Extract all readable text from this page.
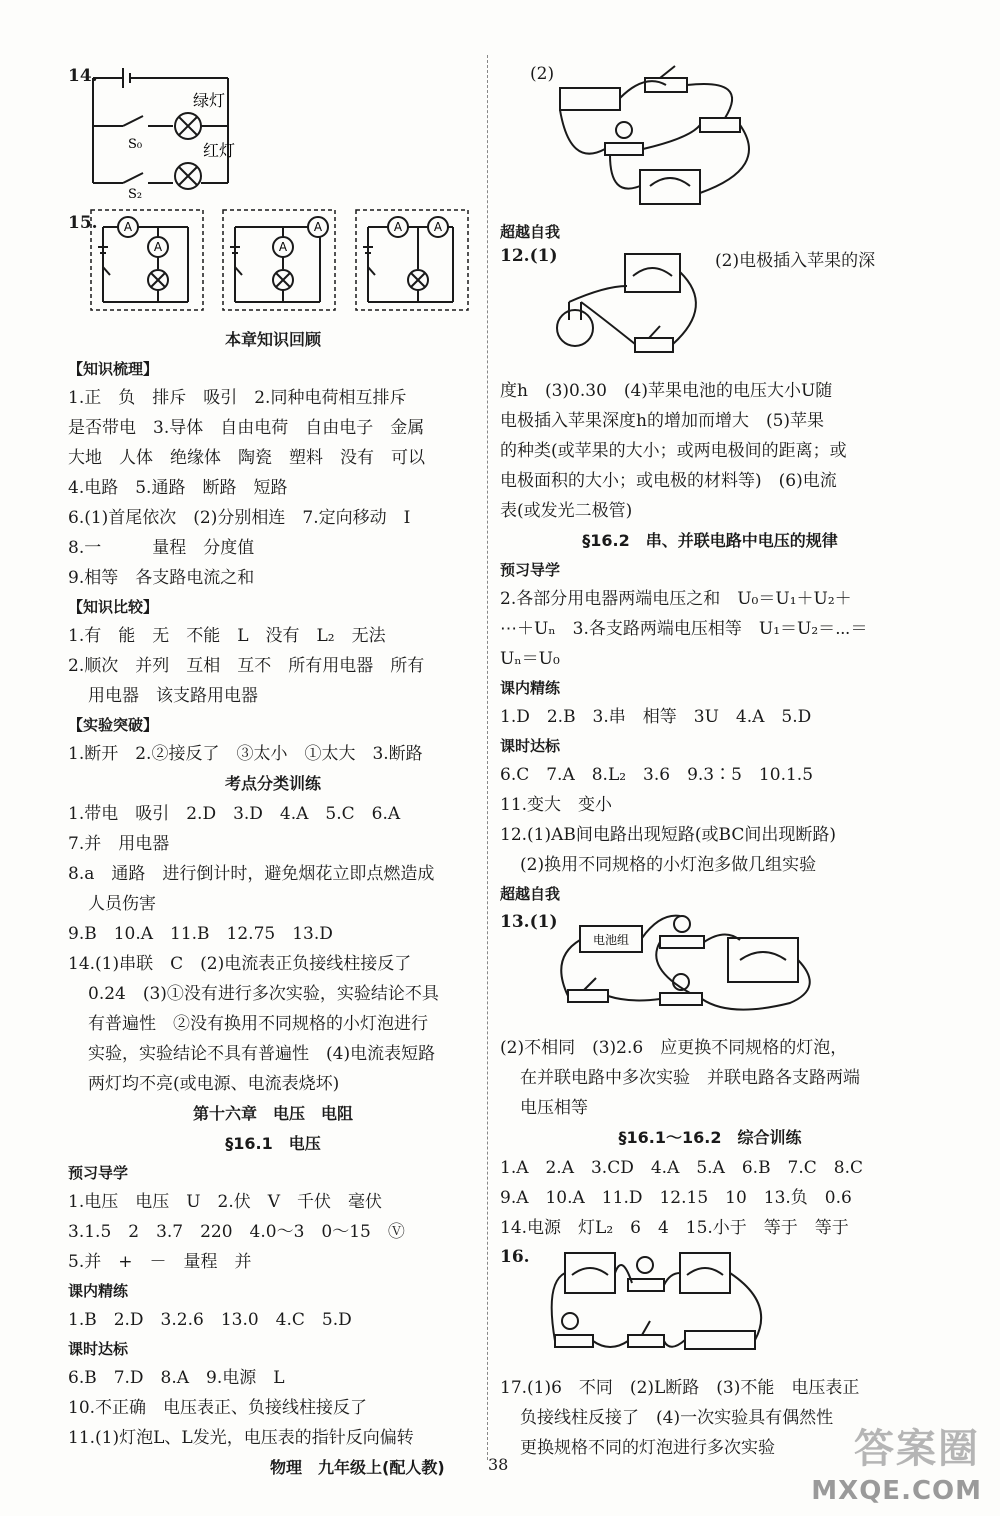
14.
绿灯
红灯
S₀
S₂
15. A
A
A
A
A	A
本章知识回顾
【知识梳理】
1.正　负　排斥　吸引　2.同种电荷相互排斥
是否带电　3.导体　自由电荷　自由电子　金属
大地　人体　绝缘体　陶瓷　塑料　没有　可以
4.电路　5.通路　断路　短路
6.(1)首尾依次　(2)分别相连　7.定向移动　I
8.一　　　量程　分度值
9.相等　各支路电流之和
【知识比较】
1.有　能　无　不能　L　没有　L₂　无法
2.顺次　并列　互相　互不　所有用电器　所有
用电器　该支路用电器
【实验突破】
1.断开　2.②接反了　③太小　①太大　3.断路
考点分类训练
1.带电　吸引　2.D　3.D　4.A　5.C　6.A
7.并　用电器
8.a　通路　进行倒计时，避免烟花立即点燃造成
人员伤害
9.B　10.A　11.B　12.75　13.D
14.(1)串联　C　(2)电流表正负接线柱接反了
0.24　(3)①没有进行多次实验，实验结论不具
有普遍性　②没有换用不同规格的小灯泡进行
实验，实验结论不具有普遍性　(4)电流表短路
两灯均不亮(或电源、电流表烧坏)
第十六章　电压　电阻
§16.1　电压
预习导学
1.电压　电压　U　2.伏　V　千伏　毫伏
3.1.5　2　3.7　220　4.0～3　0～15　Ⓥ
5.并　+　－　量程　并
课内精练
1.B　2.D　3.2.6　13.0　4.C　5.D
课时达标
6.B　7.D　8.A　9.电源　L
10.不正确　电压表正、负接线柱接反了
11.(1)灯泡L、L发光，电压表的指针反向偏转
(2)
超越自我
12.(1)	(2)电极插入苹果的深
度h　(3)0.30　(4)苹果电池的电压大小U随
电极插入苹果深度h的增加而增大　(5)苹果
的种类(或苹果的大小；或两电极间的距离；或
电极面积的大小；或电极的材料等)　(6)电流
表(或发光二极管)
§16.2　串、并联电路中电压的规律
预习导学
2.各部分用电器两端电压之和　U₀＝U₁＋U₂＋
⋯＋Uₙ　3.各支路两端电压相等　U₁＝U₂＝⋯＝
Uₙ＝U₀
课内精练
1.D　2.B　3.串　相等　3U　4.A　5.D
课时达标
6.C　7.A　8.L₂　3.6　9.3∶5　10.1.5
11.变大　变小
12.(1)AB间电路出现短路(或BC间出现断路)
(2)换用不同规格的小灯泡多做几组实验
超越自我
13.(1)
电池组
(2)不相同　(3)2.6　应更换不同规格的灯泡，
在并联电路中多次实验　并联电路各支路两端
电压相等
§16.1～16.2　综合训练
1.A　2.A　3.CD　4.A　5.A　6.B　7.C　8.C
9.A　10.A　11.D　12.15　10　13.负　0.6
14.电源　灯L₂　6　4　15.小于　等于　等于
16.
17.(1)6　不同　(2)L断路　(3)不能　电压表正
负接线柱反接了　(4)一次实验具有偶然性
更换规格不同的灯泡进行多次实验
物理　九年级上(配人教)	38	答案圈
MXQE.COM
